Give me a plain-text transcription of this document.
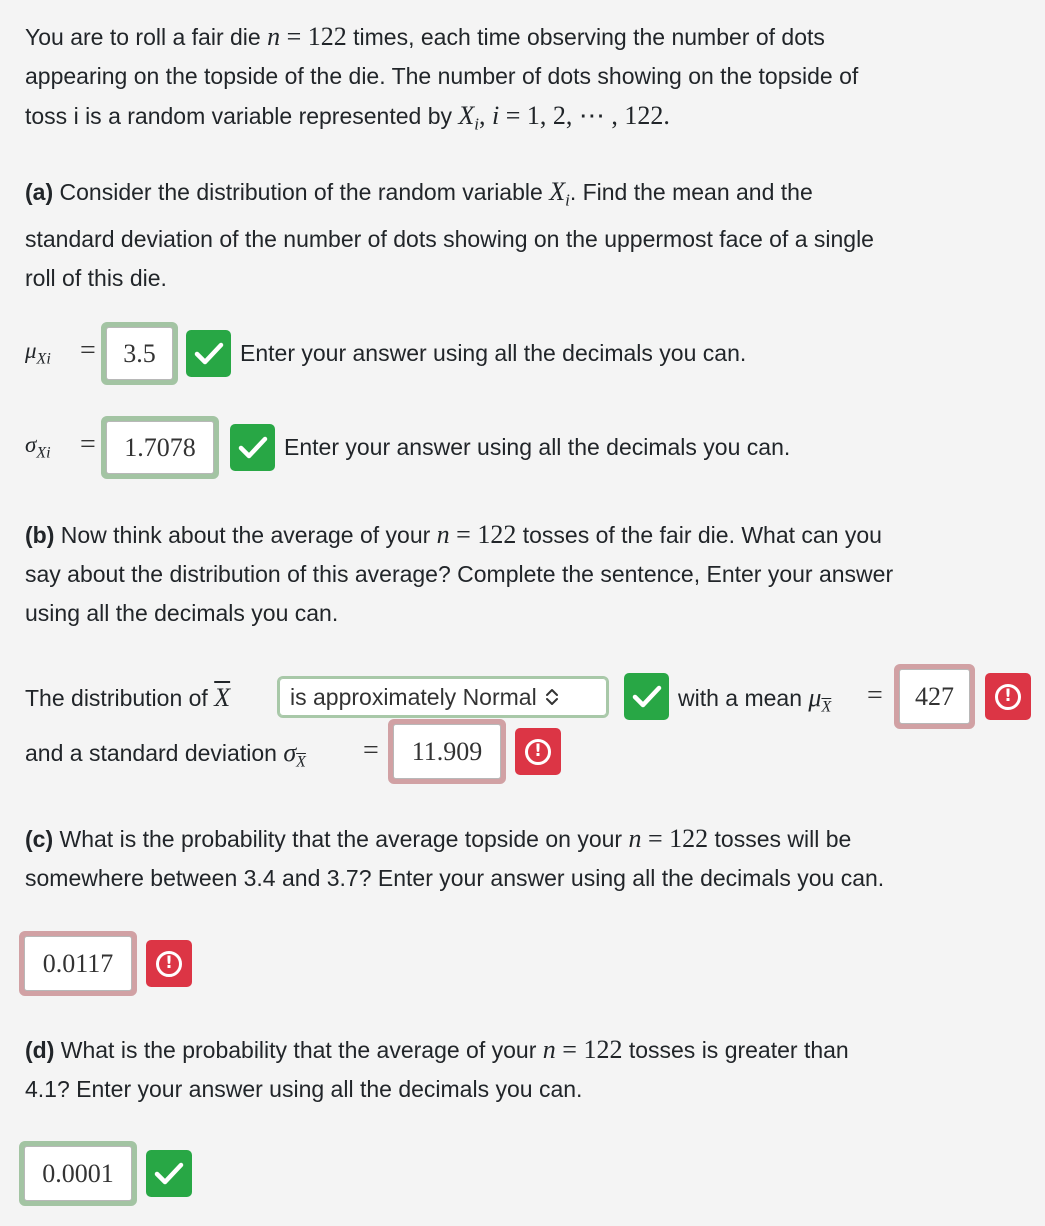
You are to roll a fair die n = 122 times, each time observing the number of dots
appearing on the topside of the die. The number of dots showing on the topside of
toss i is a random variable represented by $X_i$, i = 1, 2, ⋯ , 122.

(a) Consider the distribution of the random variable $X_i$. Find the mean and the
standard deviation of the number of dots showing on the uppermost face of a single
roll of this die.

$\mu_{Xi}$ =	3.5	Enter your answer using all the decimals you can.
$\sigma_{Xi}$ =	1.7078	Enter your answer using all the decimals you can.

(b) Now think about the average of your n = 122 tosses of the fair die. What can you
say about the distribution of this average? Complete the sentence, Enter your answer
using all the decimals you can.

The distribution of $\overline{X}$	is approximately Normal	with a mean $\mu_{\overline{X}}$ =	427	!
and a standard deviation $\sigma_{\overline{X}}$ =	11.909	!

(c) What is the probability that the average topside on your n = 122 tosses will be
somewhere between 3.4 and 3.7? Enter your answer using all the decimals you can.

0.0117	!

(d) What is the probability that the average of your n = 122 tosses is greater than
4.1? Enter your answer using all the decimals you can.

0.0001
